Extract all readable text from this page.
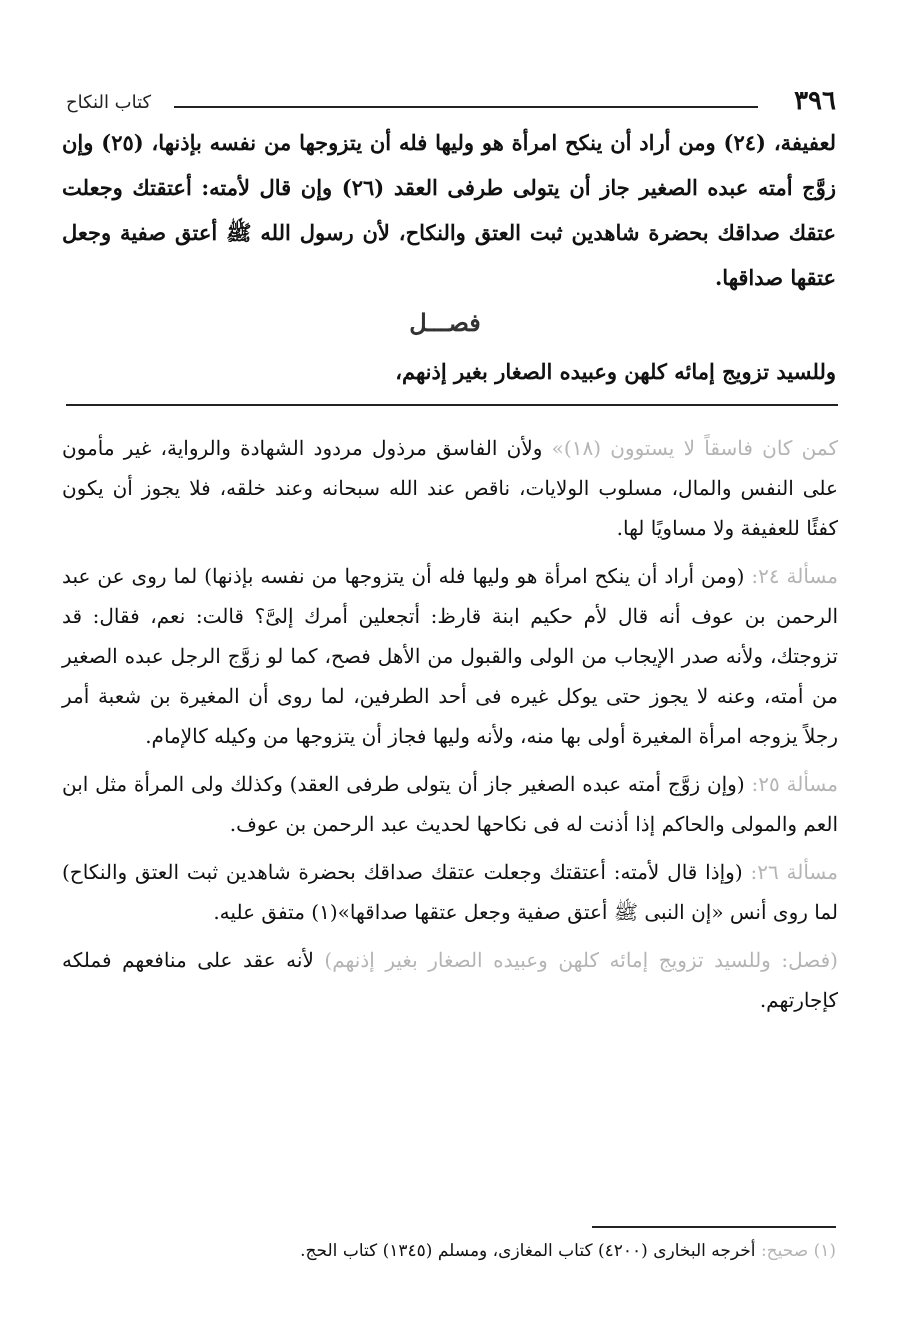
٣٩٦
كتاب النكاح

لعفيفة، (٢٤) ومن أراد أن ينكح امرأة هو وليها فله أن يتزوجها من نفسه بإذنها، (٢٥) وإن زوَّج أمته عبده الصغير جاز أن يتولى طرفى العقد (٢٦) وإن قال لأمته: أعتقتك وجعلت عتقك صداقك بحضرة شاهدين ثبت العتق والنكاح، لأن رسول الله ﷺ أعتق صفية وجعل عتقها صداقها.

فصـــل
وللسيد تزويج إمائه كلهن وعبيده الصغار بغير إذنهم،

كمن كان فاسقاً لا يستوون (١٨)» ولأن الفاسق مرذول مردود الشهادة والرواية، غير مأمون على النفس والمال، مسلوب الولايات، ناقص عند الله سبحانه وعند خلقه، فلا يجوز أن يكون كفئًا للعفيفة ولا مساويًا لها.

مسألة ٢٤: (ومن أراد أن ينكح امرأة هو وليها فله أن يتزوجها من نفسه بإذنها) لما روى عن عبد الرحمن بن عوف أنه قال لأم حكيم ابنة قارظ: أتجعلين أمرك إلىَّ؟ قالت: نعم، فقال: قد تزوجتك، ولأنه صدر الإيجاب من الولى والقبول من الأهل فصح، كما لو زوَّج الرجل عبده الصغير من أمته، وعنه لا يجوز حتى يوكل غيره فى أحد الطرفين، لما روى أن المغيرة بن شعبة أمر رجلاً يزوجه امرأة المغيرة أولى بها منه، ولأنه وليها فجاز أن يتزوجها من وكيله كالإمام.

مسألة ٢٥: (وإن زوَّج أمته عبده الصغير جاز أن يتولى طرفى العقد) وكذلك ولى المرأة مثل ابن العم والمولى والحاكم إذا أذنت له فى نكاحها لحديث عبد الرحمن بن عوف.

مسألة ٢٦: (وإذا قال لأمته: أعتقتك وجعلت عتقك صداقك بحضرة شاهدين ثبت العتق والنكاح) لما روى أنس «إن النبى ﷺ أعتق صفية وجعل عتقها صداقها»(١) متفق عليه.

(فصل: وللسيد تزويج إمائه كلهن وعبيده الصغار بغير إذنهم) لأنه عقد على منافعهم فملكه كإجارتهم.

(١) صحيح: أخرجه البخارى (٤٢٠٠) كتاب المغازى، ومسلم (١٣٤٥) كتاب الحج.
